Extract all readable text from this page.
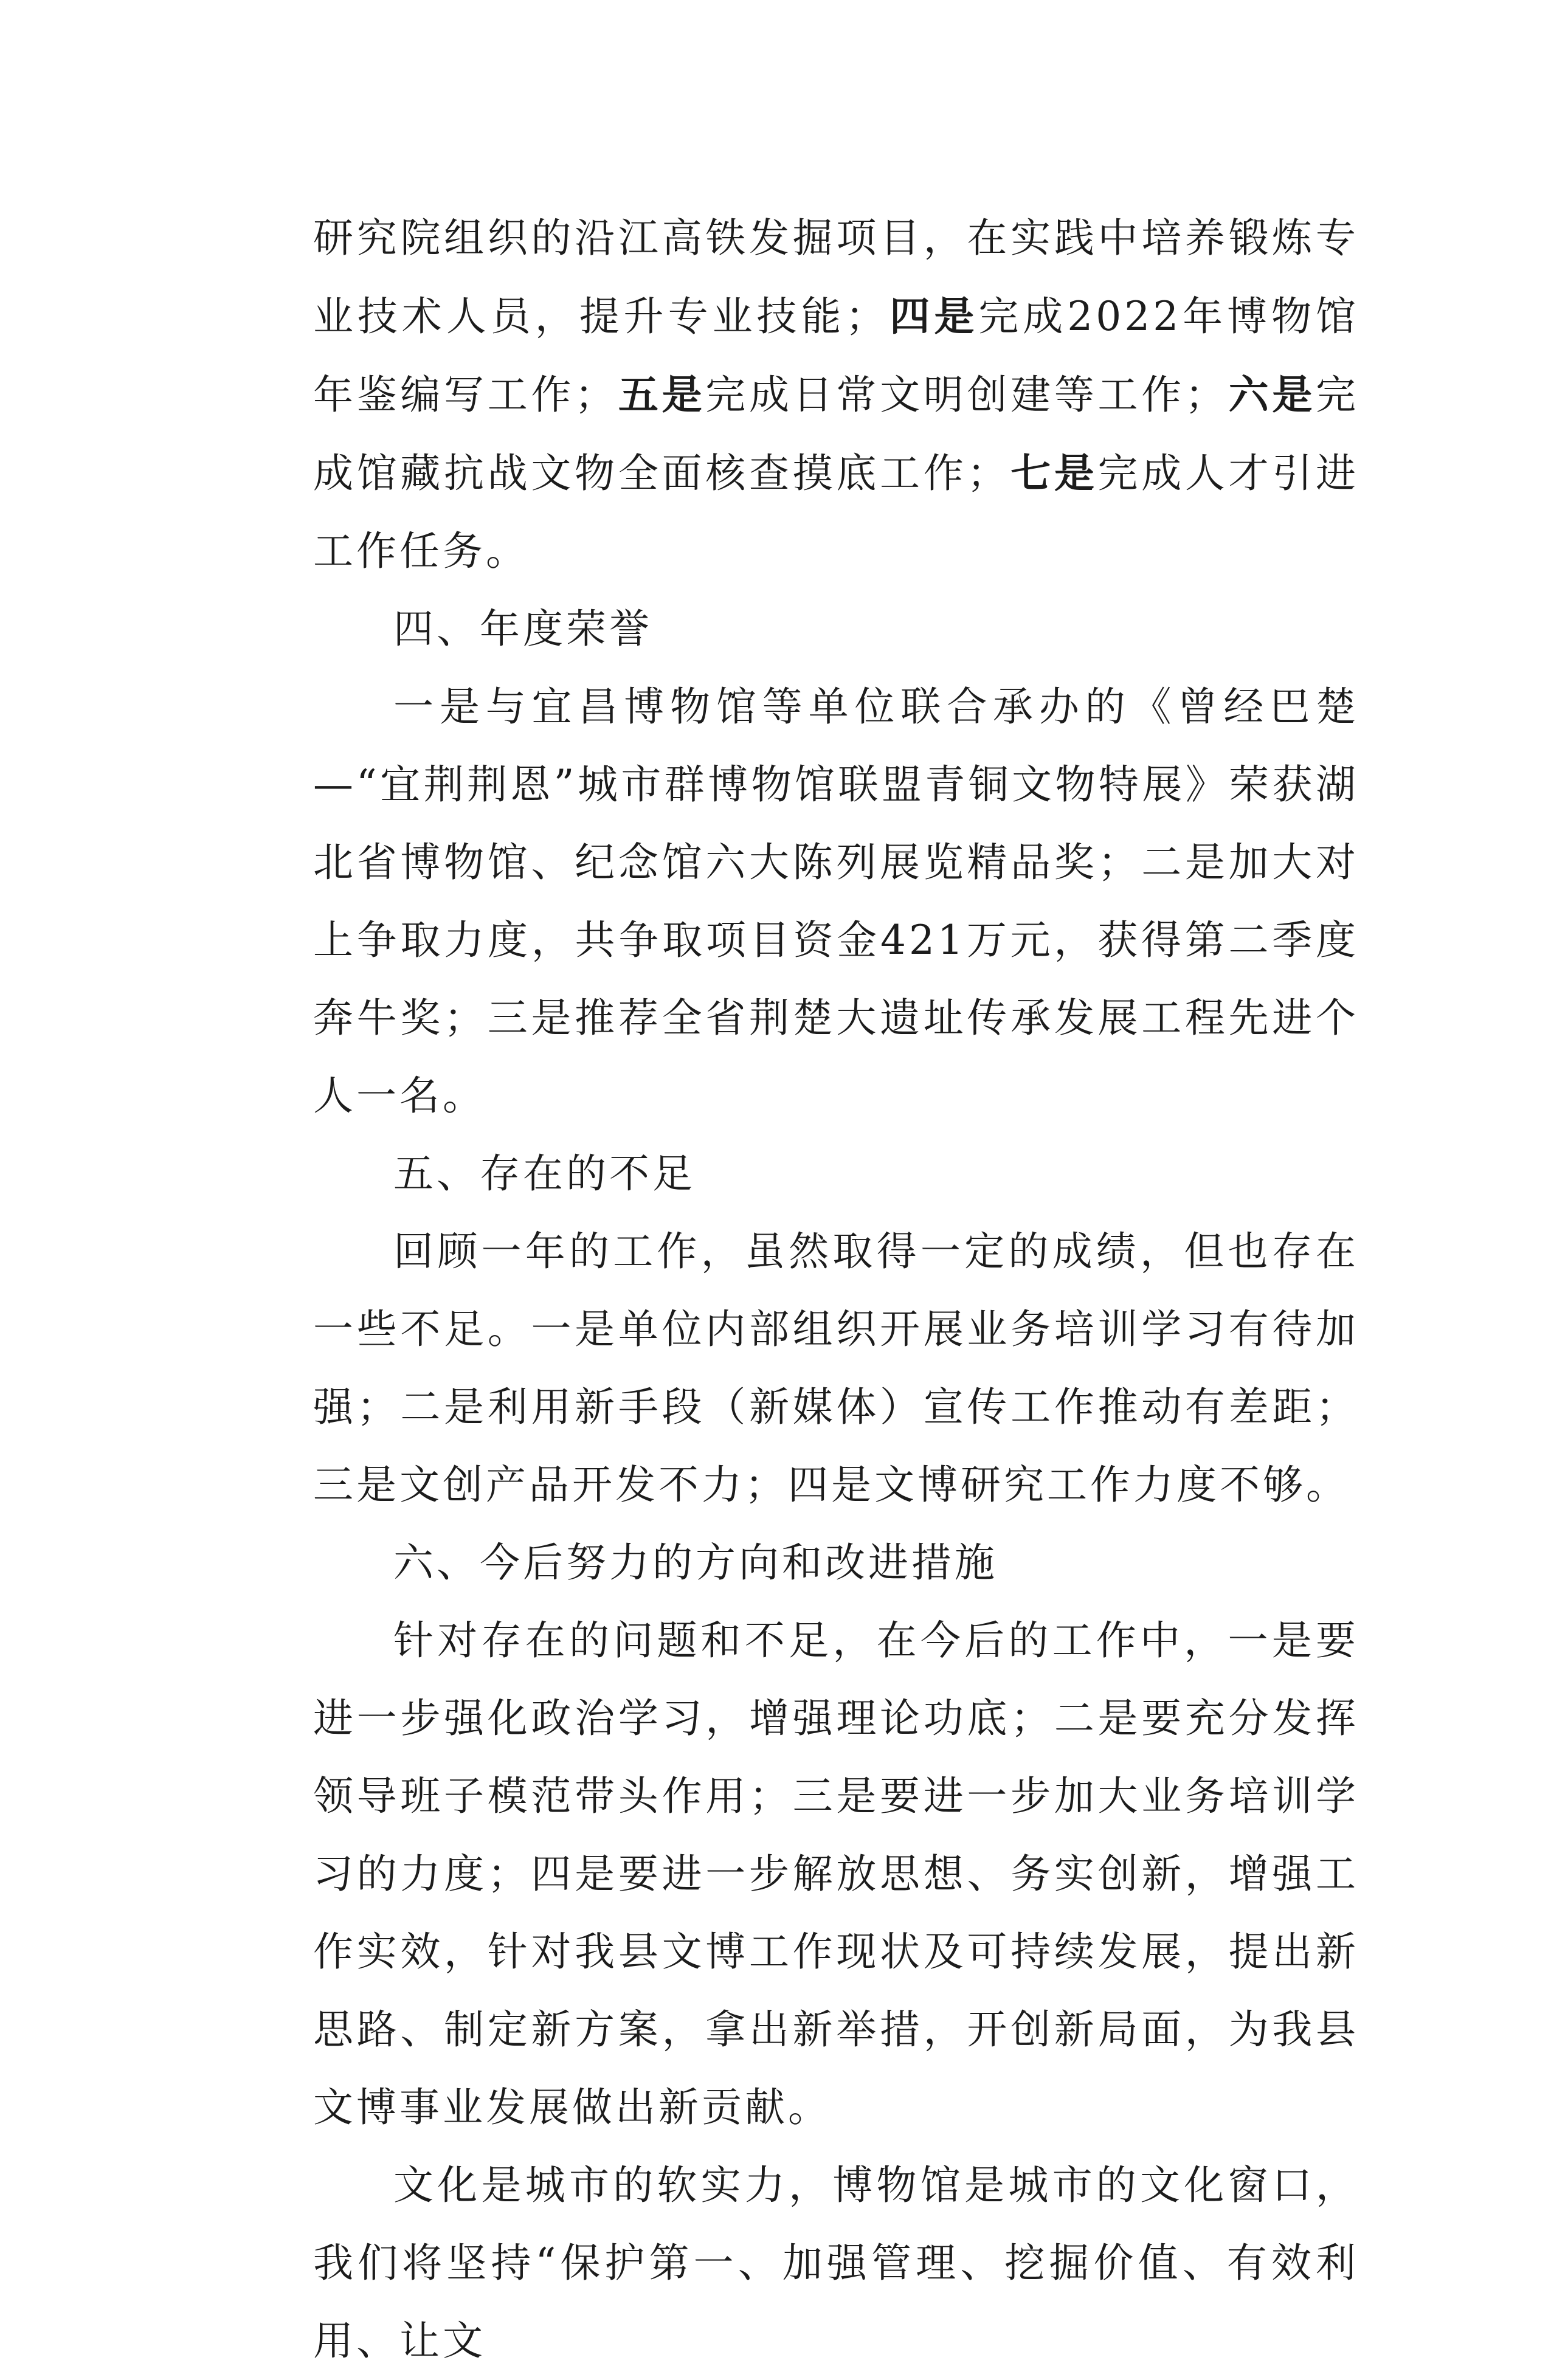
研究院组织的沿江高铁发掘项目，在实践中培养锻炼专业技术人员，提升专业技能；四是完成2022年博物馆年鉴编写工作；五是完成日常文明创建等工作；六是完成馆藏抗战文物全面核查摸底工作；七是完成人才引进工作任务。

四、年度荣誉

一是与宜昌博物馆等单位联合承办的《曾经巴楚—“宜荆荆恩”城市群博物馆联盟青铜文物特展》荣获湖北省博物馆、纪念馆六大陈列展览精品奖；二是加大对上争取力度，共争取项目资金421万元，获得第二季度奔牛奖；三是推荐全省荆楚大遗址传承发展工程先进个人一名。

五、存在的不足

回顾一年的工作，虽然取得一定的成绩，但也存在一些不足。一是单位内部组织开展业务培训学习有待加强；二是利用新手段（新媒体）宣传工作推动有差距；三是文创产品开发不力；四是文博研究工作力度不够。

六、今后努力的方向和改进措施

针对存在的问题和不足，在今后的工作中，一是要进一步强化政治学习，增强理论功底；二是要充分发挥领导班子模范带头作用；三是要进一步加大业务培训学习的力度；四是要进一步解放思想、务实创新，增强工作实效，针对我县文博工作现状及可持续发展，提出新思路、制定新方案，拿出新举措，开创新局面，为我县文博事业发展做出新贡献。

文化是城市的软实力，博物馆是城市的文化窗口，我们将坚持“保护第一、加强管理、挖掘价值、有效利用、让文
